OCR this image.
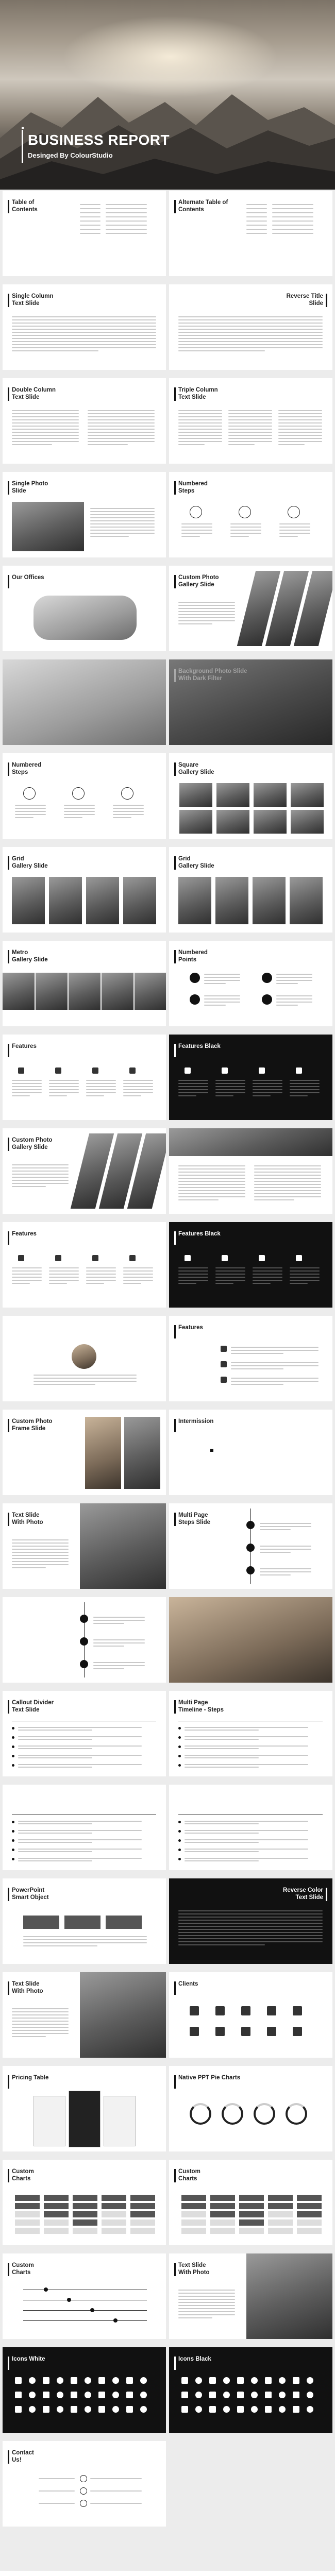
BUSINESS REPORT
Desinged By ColourStudio
Table of
Contents
Alternate Table of
Contents
Single Column
Text Slide
Reverse Title
Slide
Double Column
Text Slide
Triple Column
Text Slide
Single Photo
Slide
Numbered
Steps
Our Offices	Custom Photo
Gallery Slide
Numbered
Steps
Square
Gallery Slide
Grid
Gallery Slide
Grid
Gallery Slide
Metro
Gallery Slide
Numbered
Points
Features	Features Black
Custom Photo
Gallery Slide
Features	Features Black
Features
Custom Photo
Frame Slide
Intermission
Text Slide
With Photo
Multi Page
Steps Slide
Callout Divider
Text Slide
Multi Page
Timeline - Steps
PowerPoint
Smart Object
Reverse Color
Text Slide
Text Slide
With Photo
Clients
Pricing Table	Native PPT Pie Charts
Custom
Charts
Custom
Charts
Custom
Charts
Text Slide
With Photo
Icons White	Icons Black
Contact
Us!
